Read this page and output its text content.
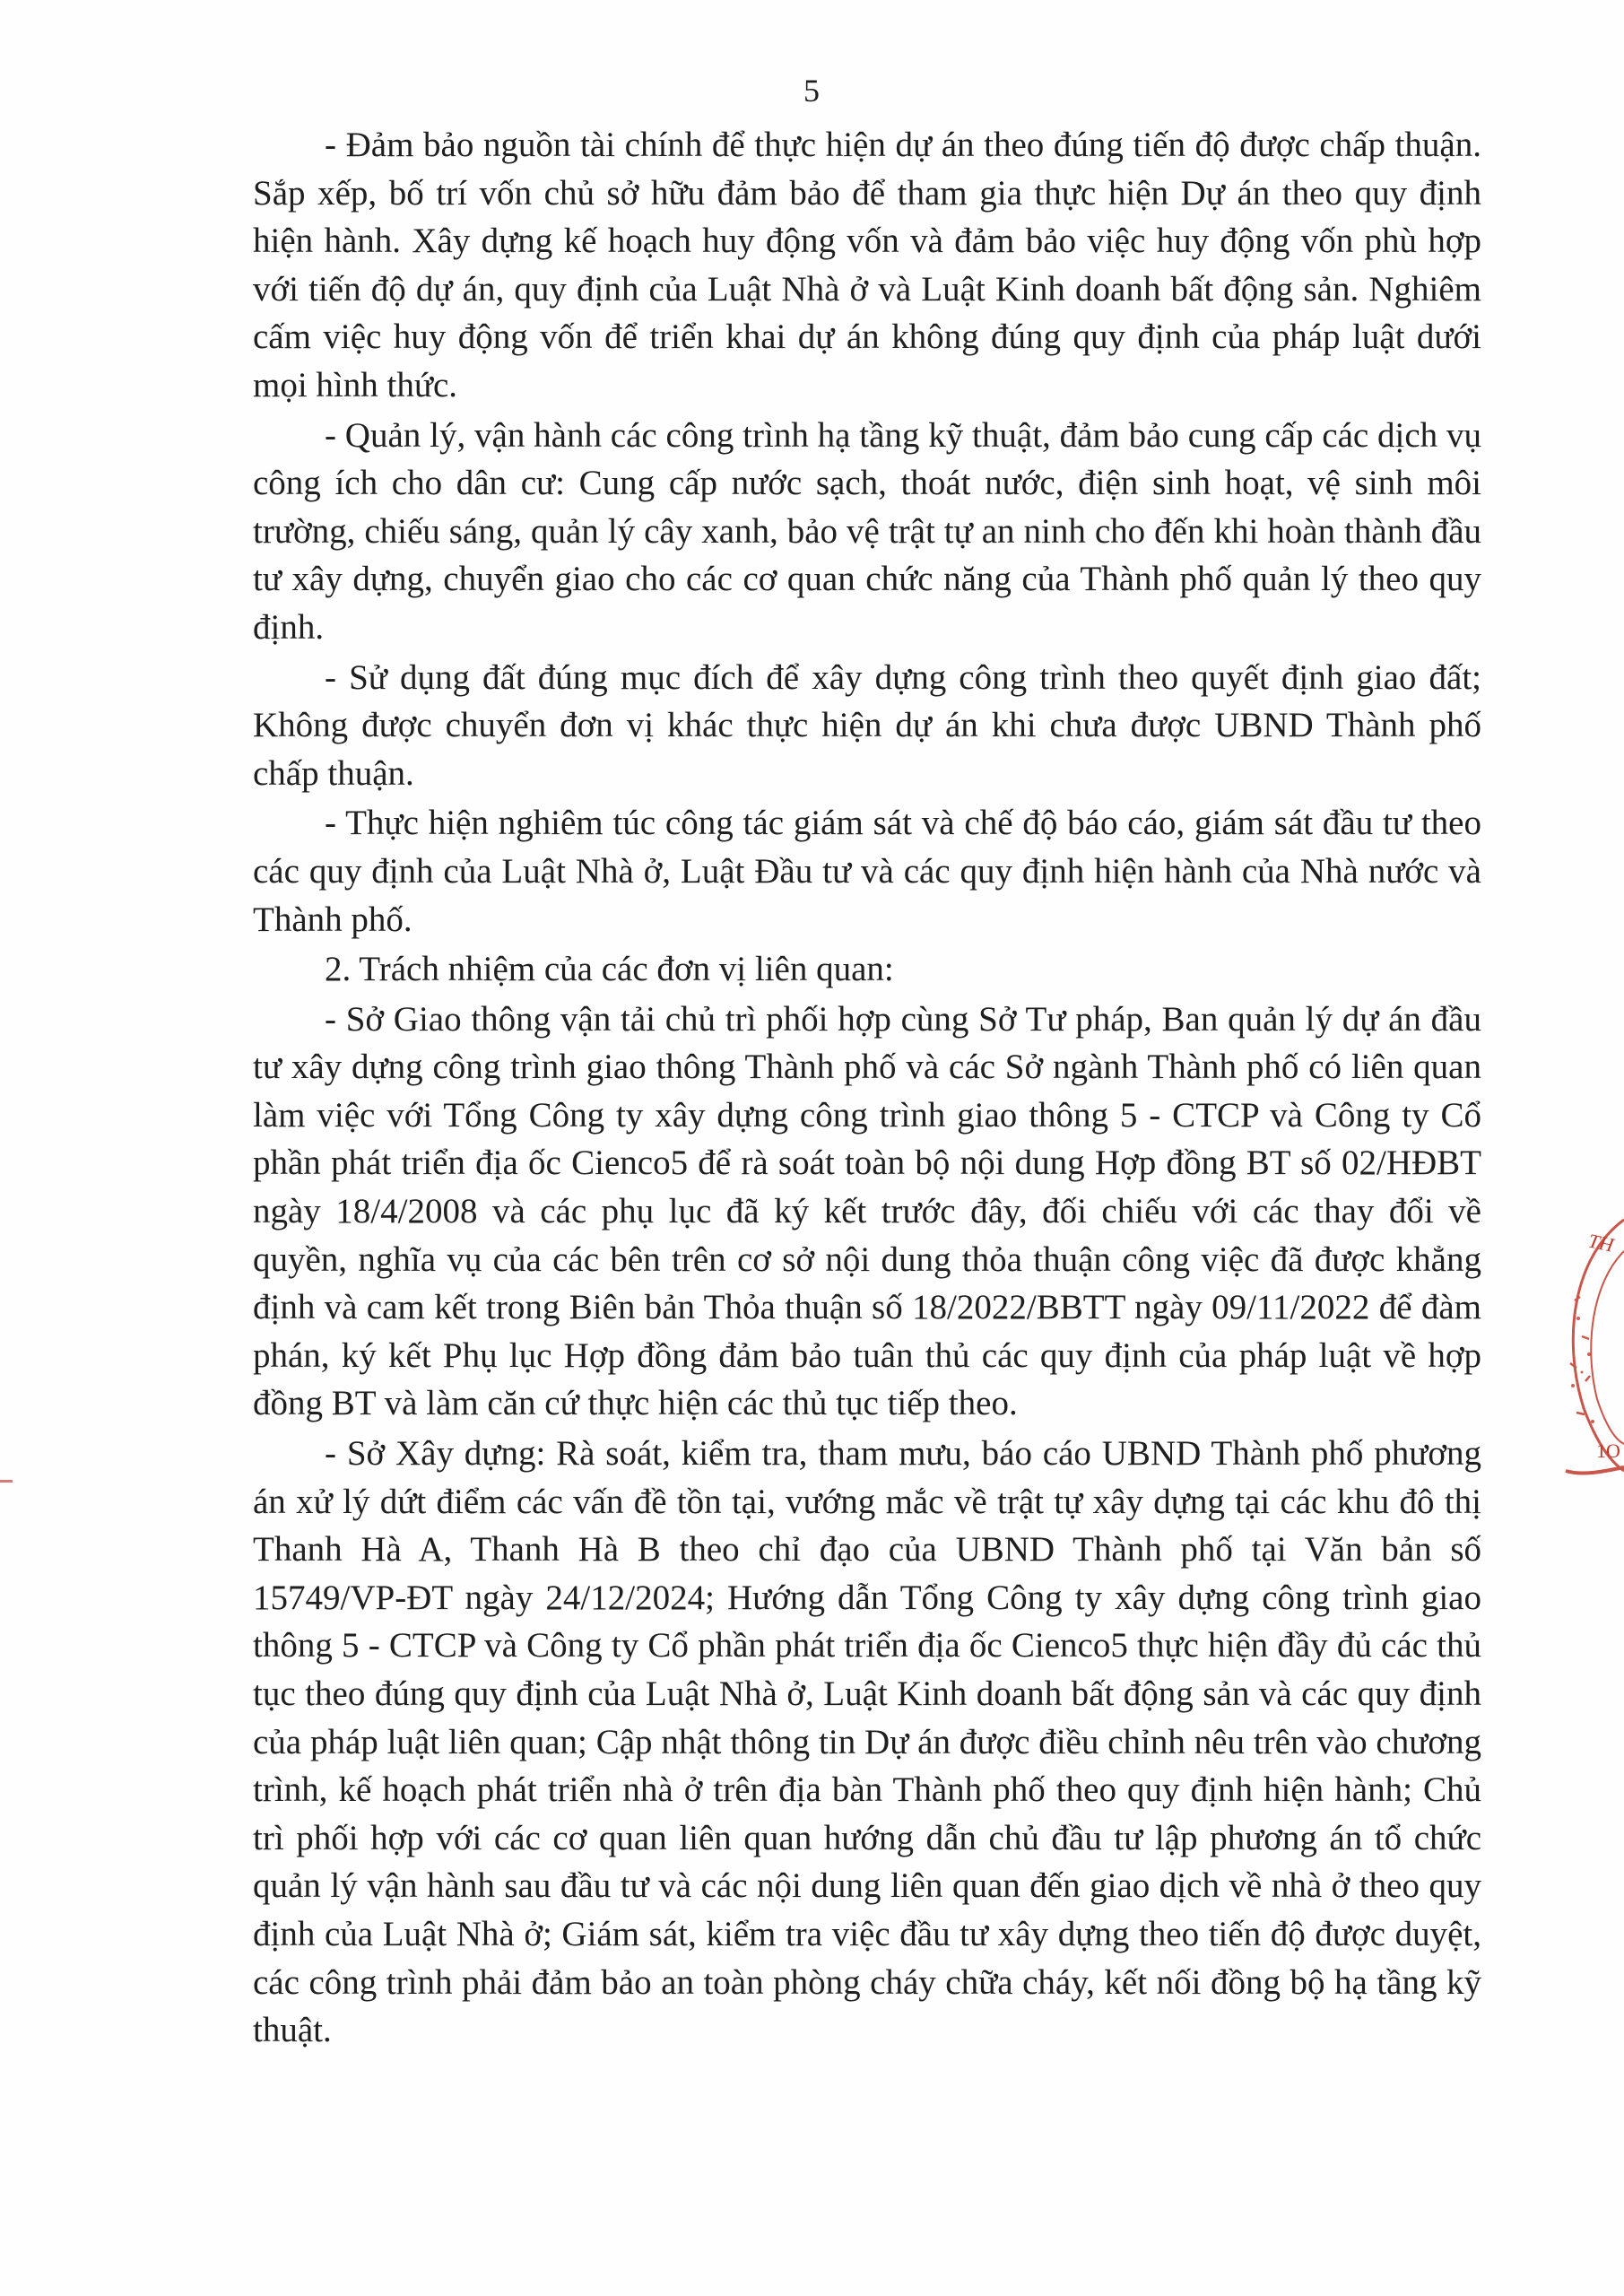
5

- Đảm bảo nguồn tài chính để thực hiện dự án theo đúng tiến độ được chấp thuận. Sắp xếp, bố trí vốn chủ sở hữu đảm bảo để tham gia thực hiện Dự án theo quy định hiện hành. Xây dựng kế hoạch huy động vốn và đảm bảo việc huy động vốn phù hợp với tiến độ dự án, quy định của Luật Nhà ở và Luật Kinh doanh bất động sản. Nghiêm cấm việc huy động vốn để triển khai dự án không đúng quy định của pháp luật dưới mọi hình thức.

- Quản lý, vận hành các công trình hạ tầng kỹ thuật, đảm bảo cung cấp các dịch vụ công ích cho dân cư: Cung cấp nước sạch, thoát nước, điện sinh hoạt, vệ sinh môi trường, chiếu sáng, quản lý cây xanh, bảo vệ trật tự an ninh cho đến khi hoàn thành đầu tư xây dựng, chuyển giao cho các cơ quan chức năng của Thành phố quản lý theo quy định.

- Sử dụng đất đúng mục đích để xây dựng công trình theo quyết định giao đất; Không được chuyển đơn vị khác thực hiện dự án khi chưa được UBND Thành phố chấp thuận.

- Thực hiện nghiêm túc công tác giám sát và chế độ báo cáo, giám sát đầu tư theo các quy định của Luật Nhà ở, Luật Đầu tư và các quy định hiện hành của Nhà nước và Thành phố.

2. Trách nhiệm của các đơn vị liên quan:

- Sở Giao thông vận tải chủ trì phối hợp cùng Sở Tư pháp, Ban quản lý dự án đầu tư xây dựng công trình giao thông Thành phố và các Sở ngành Thành phố có liên quan làm việc với Tổng Công ty xây dựng công trình giao thông 5 - CTCP và Công ty Cổ phần phát triển địa ốc Cienco5 để rà soát toàn bộ nội dung Hợp đồng BT số 02/HĐBT ngày 18/4/2008 và các phụ lục đã ký kết trước đây, đối chiếu với các thay đổi về quyền, nghĩa vụ của các bên trên cơ sở nội dung thỏa thuận công việc đã được khẳng định và cam kết trong Biên bản Thỏa thuận số 18/2022/BBTT ngày 09/11/2022 để đàm phán, ký kết Phụ lục Hợp đồng đảm bảo tuân thủ các quy định của pháp luật về hợp đồng BT và làm căn cứ thực hiện các thủ tục tiếp theo.

- Sở Xây dựng: Rà soát, kiểm tra, tham mưu, báo cáo UBND Thành phố phương án xử lý dứt điểm các vấn đề tồn tại, vướng mắc về trật tự xây dựng tại các khu đô thị Thanh Hà A, Thanh Hà B theo chỉ đạo của UBND Thành phố tại Văn bản số 15749/VP-ĐT ngày 24/12/2024; Hướng dẫn Tổng Công ty xây dựng công trình giao thông 5 - CTCP và Công ty Cổ phần phát triển địa ốc Cienco5 thực hiện đầy đủ các thủ tục theo đúng quy định của Luật Nhà ở, Luật Kinh doanh bất động sản và các quy định của pháp luật liên quan; Cập nhật thông tin Dự án được điều chỉnh nêu trên vào chương trình, kế hoạch phát triển nhà ở trên địa bàn Thành phố theo quy định hiện hành; Chủ trì phối hợp với các cơ quan liên quan hướng dẫn chủ đầu tư lập phương án tổ chức quản lý vận hành sau đầu tư và các nội dung liên quan đến giao dịch về nhà ở theo quy định của Luật Nhà ở; Giám sát, kiểm tra việc đầu tư xây dựng theo tiến độ được duyệt, các công trình phải đảm bảo an toàn phòng cháy chữa cháy, kết nối đồng bộ hạ tầng kỹ thuật.

TH
1O
